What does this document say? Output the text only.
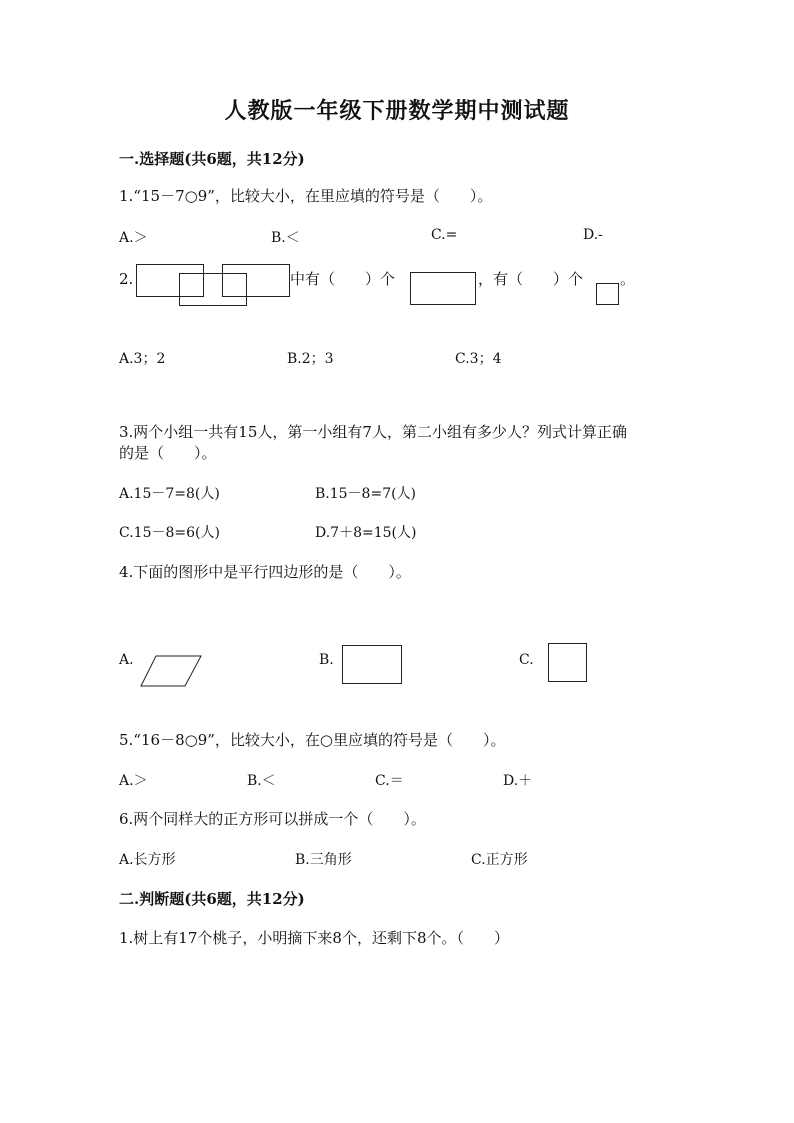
人教版一年级下册数学期中测试题
一.选择题(共6题，共12分)
1.“15－7○9”，比较大小，在里应填的符号是（　　）。
A.＞	B.＜	C.=	D.-
2.	中有（　　）个	，有（　　）个 。
A.3；2	B.2；3	C.3；4
3.两个小组一共有15人，第一小组有7人，第二小组有多少人？列式计算正确
的是（　　）。
A.15－7=8(人)	B.15－8=7(人)
C.15－8=6(人)	D.7＋8=15(人)
4.下面的图形中是平行四边形的是（　　）。
A.	B.	C.
5.“16－8○9”，比较大小，在○里应填的符号是（　　）。
A.＞	B.＜	C.＝	D.＋
6.两个同样大的正方形可以拼成一个（　　）。
A.长方形	B.三角形	C.正方形
二.判断题(共6题，共12分)
1.树上有17个桃子，小明摘下来8个，还剩下8个。（　　）
